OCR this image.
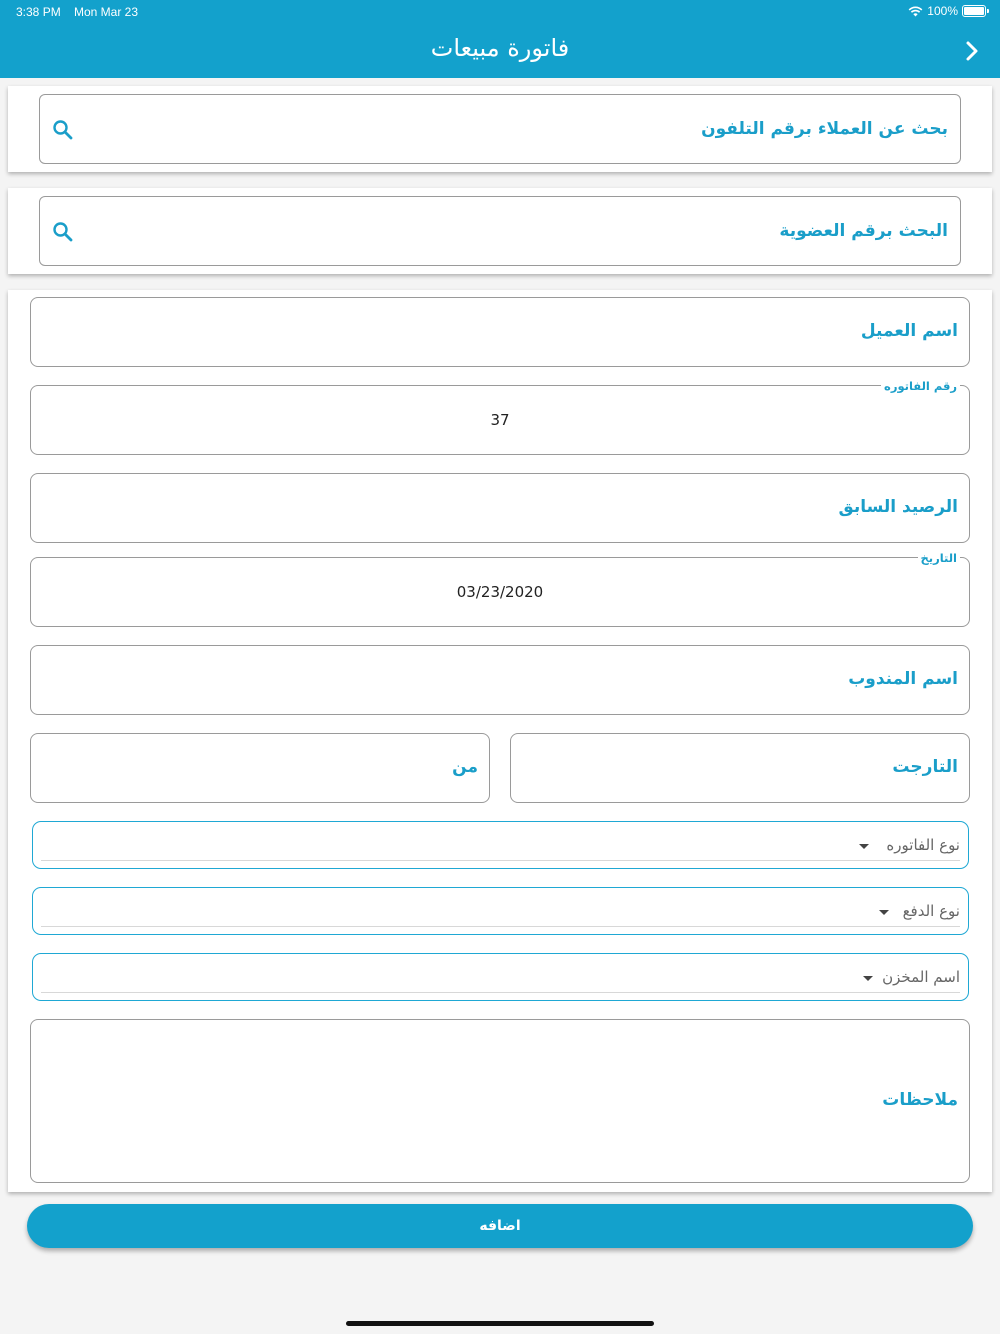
3:38 PM Mon Mar 23	100%
فاتورة مبيعات
بحث عن العملاء برقم التلفون
البحث برقم العضوية
اسم العميل
رقم الفاتوره
37
الرصيد السابق
التاريخ
03/23/2020
اسم المندوب
التارجت
من
نوع الفاتوره
نوع الدفع
اسم المخزن
ملاحظات
اضافه
